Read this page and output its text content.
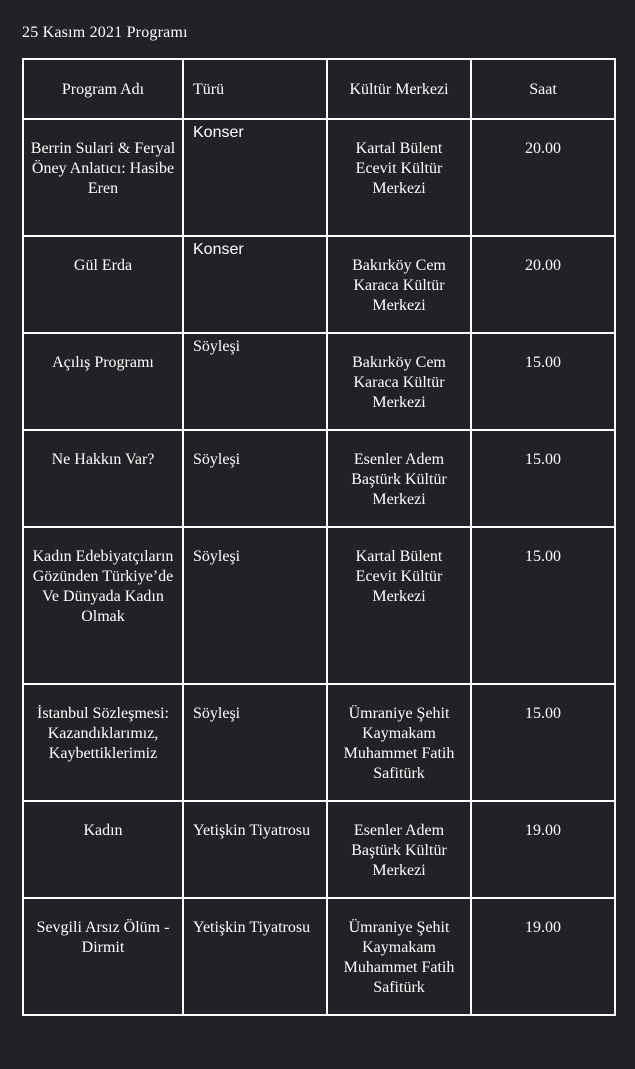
25 Kasım 2021 Programı
Program Adı	Türü	Kültür Merkezi	Saat

Berrin Sulari & Feryal Öney Anlatıcı: Hasibe Eren	Konser	Kartal Bülent Ecevit Kültür Merkezi	20.00

Gül Erda	Konser	Bakırköy Cem Karaca Kültür Merkezi	20.00

Açılış Programı	Söyleşi	Bakırköy Cem Karaca Kültür Merkezi	15.00

Ne Hakkın Var?	Söyleşi	Esenler Adem Baştürk Kültür Merkezi	15.00

Kadın Edebiyatçıların Gözünden Türkiye’de Ve Dünyada Kadın Olmak	Söyleşi	Kartal Bülent Ecevit Kültür Merkezi	15.00

İstanbul Sözleşmesi: Kazandıklarımız, Kaybettiklerimiz	Söyleşi	Ümraniye Şehit Kaymakam Muhammet Fatih Safitürk	15.00

Kadın	Yetişkin Tiyatrosu	Esenler Adem Baştürk Kültür Merkezi	19.00

Sevgili Arsız Ölüm - Dirmit	Yetişkin Tiyatrosu	Ümraniye Şehit Kaymakam Muhammet Fatih Safitürk	19.00
